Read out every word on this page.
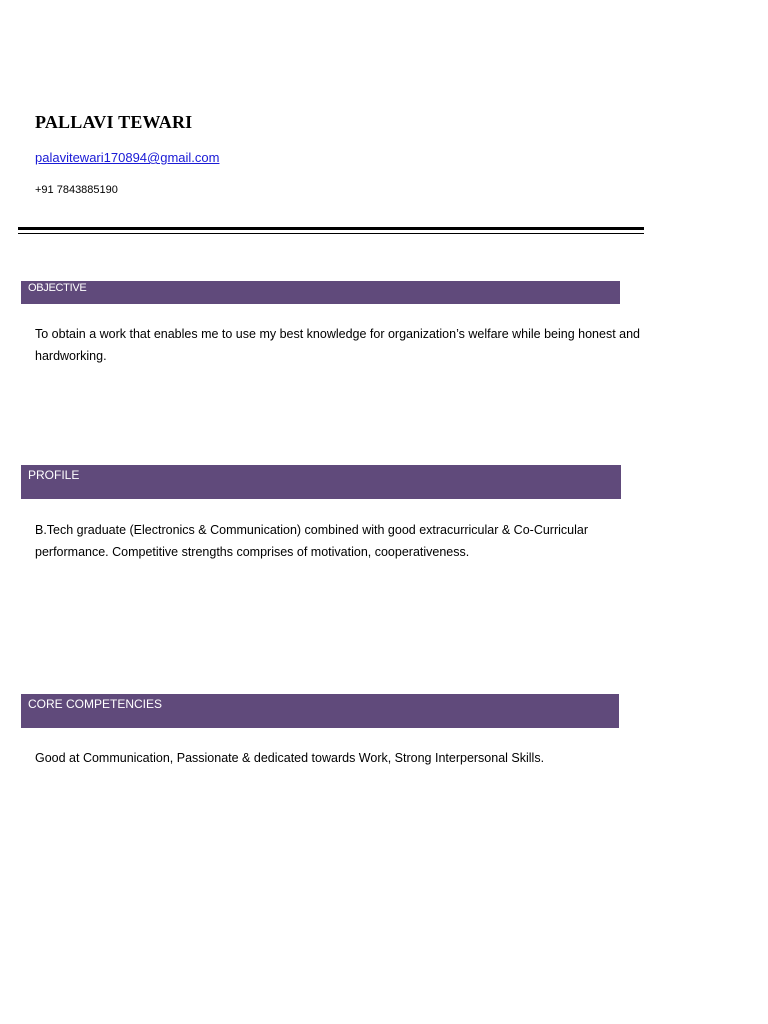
PALLAVI TEWARI
palavitewari170894@gmail.com
+91 7843885190
OBJECTIVE
To obtain a work that enables me to use my best knowledge for organization’s welfare while being honest and hardworking.
PROFILE
B.Tech graduate (Electronics & Communication) combined with good extracurricular & Co-Curricular performance. Competitive strengths comprises of motivation, cooperativeness.
CORE COMPETENCIES
Good at Communication, Passionate & dedicated towards Work, Strong Interpersonal Skills.
